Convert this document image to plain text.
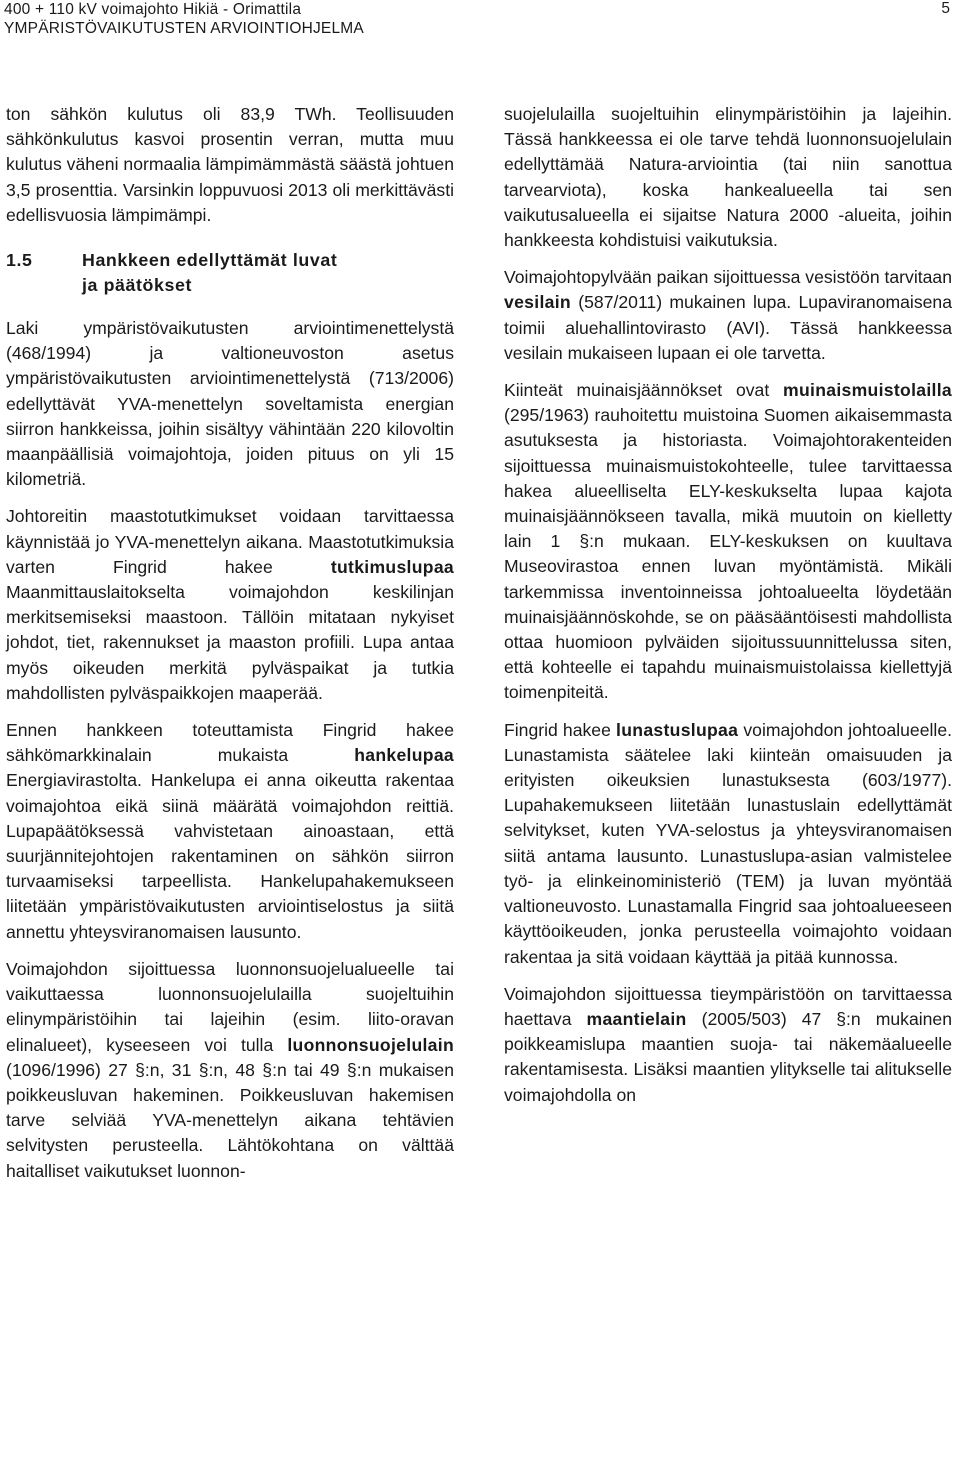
400 + 110 kV voimajohto Hikiä - Orimattila
YMPÄRISTÖVAIKUTUSTEN ARVIOINTIOHJELMA
5

ton sähkön kulutus oli 83,9 TWh. Teollisuuden sähkönkulutus kasvoi prosentin verran, mutta muu kulutus väheni normaalia lämpimämmästä säästä johtuen 3,5 prosenttia. Varsinkin loppuvuosi 2013 oli merkittävästi edellisvuosia lämpimämpi.

1.5	Hankkeen edellyttämät luvat
ja päätökset

Laki ympäristövaikutusten arviointimenettelystä (468/1994) ja valtioneuvoston asetus ympäristövaikutusten arviointimenettelystä (713/2006) edellyttävät YVA-menettelyn soveltamista energian siirron hankkeissa, joihin sisältyy vähintään 220 kilovoltin maanpäällisiä voimajohtoja, joiden pituus on yli 15 kilometriä.

Johtoreitin maastotutkimukset voidaan tarvittaessa käynnistää jo YVA-menettelyn aikana. Maastotutkimuksia varten Fingrid hakee tutkimuslupaa Maanmittauslaitokselta voimajohdon keskilinjan merkitsemiseksi maastoon. Tällöin mitataan nykyiset johdot, tiet, rakennukset ja maaston profiili. Lupa antaa myös oikeuden merkitä pylväspaikat ja tutkia mahdollisten pylväspaikkojen maaperää.

Ennen hankkeen toteuttamista Fingrid hakee sähkömarkkinalain mukaista hankelupaa Energiavirastolta. Hankelupa ei anna oikeutta rakentaa voimajohtoa eikä siinä määrätä voimajohdon reittiä. Lupapäätöksessä vahvistetaan ainoastaan, että suurjännitejohtojen rakentaminen on sähkön siirron turvaamiseksi tarpeellista. Hankelupahakemukseen liitetään ympäristövaikutusten arviointiselostus ja siitä annettu yhteysviranomaisen lausunto.

Voimajohdon sijoittuessa luonnonsuojelualueelle tai vaikuttaessa luonnonsuojelulailla suojeltuihin elinympäristöihin tai lajeihin (esim. liito-oravan elinalueet), kyseeseen voi tulla luonnonsuojelulain (1096/1996) 27 §:n, 31 §:n, 48 §:n tai 49 §:n mukaisen poikkeusluvan hakeminen. Poikkeusluvan hakemisen tarve selviää YVA-menettelyn aikana tehtävien selvitysten perusteella. Lähtökohtana on välttää haitalliset vaikutukset luonnon-

suojelulailla suojeltuihin elinympäristöihin ja lajeihin. Tässä hankkeessa ei ole tarve tehdä luonnonsuojelulain edellyttämää Natura-arviointia (tai niin sanottua tarvearviota), koska hankealueella tai sen vaikutusalueella ei sijaitse Natura 2000 -alueita, joihin hankkeesta kohdistuisi vaikutuksia.

Voimajohtopylvään paikan sijoittuessa vesistöön tarvitaan vesilain (587/2011) mukainen lupa. Lupaviranomaisena toimii aluehallintovirasto (AVI). Tässä hankkeessa vesilain mukaiseen lupaan ei ole tarvetta.

Kiinteät muinaisjäännökset ovat muinaismuistolailla (295/1963) rauhoitettu muistoina Suomen aikaisemmasta asutuksesta ja historiasta. Voimajohtorakenteiden sijoittuessa muinaismuistokohteelle, tulee tarvittaessa hakea alueelliselta ELY-keskukselta lupaa kajota muinaisjäännökseen tavalla, mikä muutoin on kielletty lain 1 §:n mukaan. ELY-keskuksen on kuultava Museovirastoa ennen luvan myöntämistä. Mikäli tarkemmissa inventoinneissa johtoalueelta löydetään muinaisjäännöskohde, se on pääsääntöisesti mahdollista ottaa huomioon pylväiden sijoitussuunnittelussa siten, että kohteelle ei tapahdu muinaismuistolaissa kiellettyjä toimenpiteitä.

Fingrid hakee lunastuslupaa voimajohdon johtoalueelle. Lunastamista säätelee laki kiinteän omaisuuden ja erityisten oikeuksien lunastuksesta (603/1977). Lupahakemukseen liitetään lunastuslain edellyttämät selvitykset, kuten YVA-selostus ja yhteysviranomaisen siitä antama lausunto. Lunastuslupa-asian valmistelee työ- ja elinkeinoministeriö (TEM) ja luvan myöntää valtioneuvosto. Lunastamalla Fingrid saa johtoalueeseen käyttöoikeuden, jonka perusteella voimajohto voidaan rakentaa ja sitä voidaan käyttää ja pitää kunnossa.

Voimajohdon sijoittuessa tieympäristöön on tarvittaessa haettava maantielain (2005/503) 47 §:n mukainen poikkeamislupa maantien suoja- tai näkemäalueelle rakentamisesta. Lisäksi maantien ylitykselle tai alitukselle voimajohdolla on
